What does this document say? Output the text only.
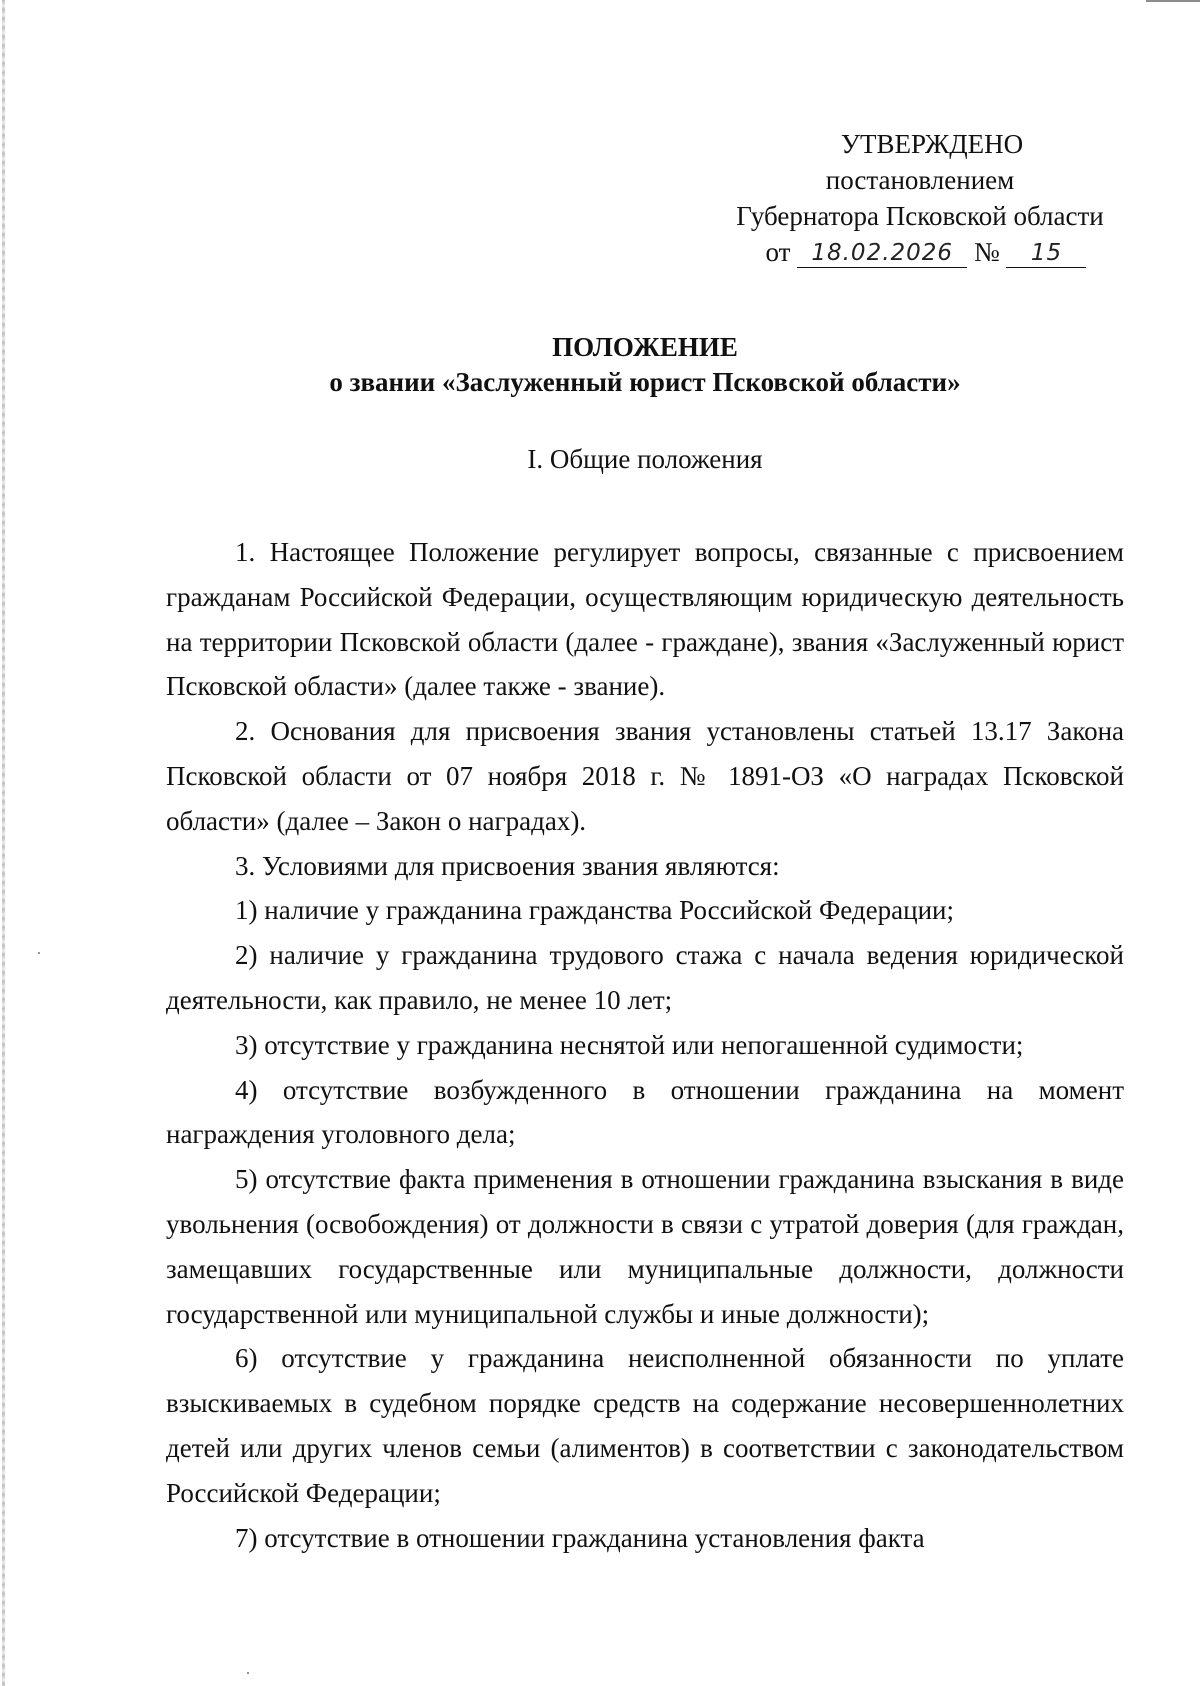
УТВЕРЖДЕНО
постановлением
Губернатора Псковской области
от 18.02.2026 № 15
ПОЛОЖЕНИЕ
о звании «Заслуженный юрист Псковской области»
I. Общие положения

1. Настоящее Положение регулирует вопросы, связанные с присвоением гражданам Российской Федерации, осуществляющим юридическую деятельность на территории Псковской области (далее - граждане), звания «Заслуженный юрист Псковской области» (далее также - звание).

2. Основания для присвоения звания установлены статьей 13.17 Закона Псковской области от 07 ноября 2018 г. № 1891-ОЗ «О наградах Псковской области» (далее – Закон о наградах).

3. Условиями для присвоения звания являются:

1) наличие у гражданина гражданства Российской Федерации;

2) наличие у гражданина трудового стажа с начала ведения юридической деятельности, как правило, не менее 10 лет;

3) отсутствие у гражданина неснятой или непогашенной судимости;

4) отсутствие возбужденного в отношении гражданина на момент награждения уголовного дела;

5) отсутствие факта применения в отношении гражданина взыскания в виде увольнения (освобождения) от должности в связи с утратой доверия (для граждан, замещавших государственные или муниципальные должности, должности государственной или муниципальной службы и иные должности);

6) отсутствие у гражданина неисполненной обязанности по уплате взыскиваемых в судебном порядке средств на содержание несовершеннолетних детей или других членов семьи (алиментов) в соответствии с законодательством Российской Федерации;

7) отсутствие в отношении гражданина установления факта
